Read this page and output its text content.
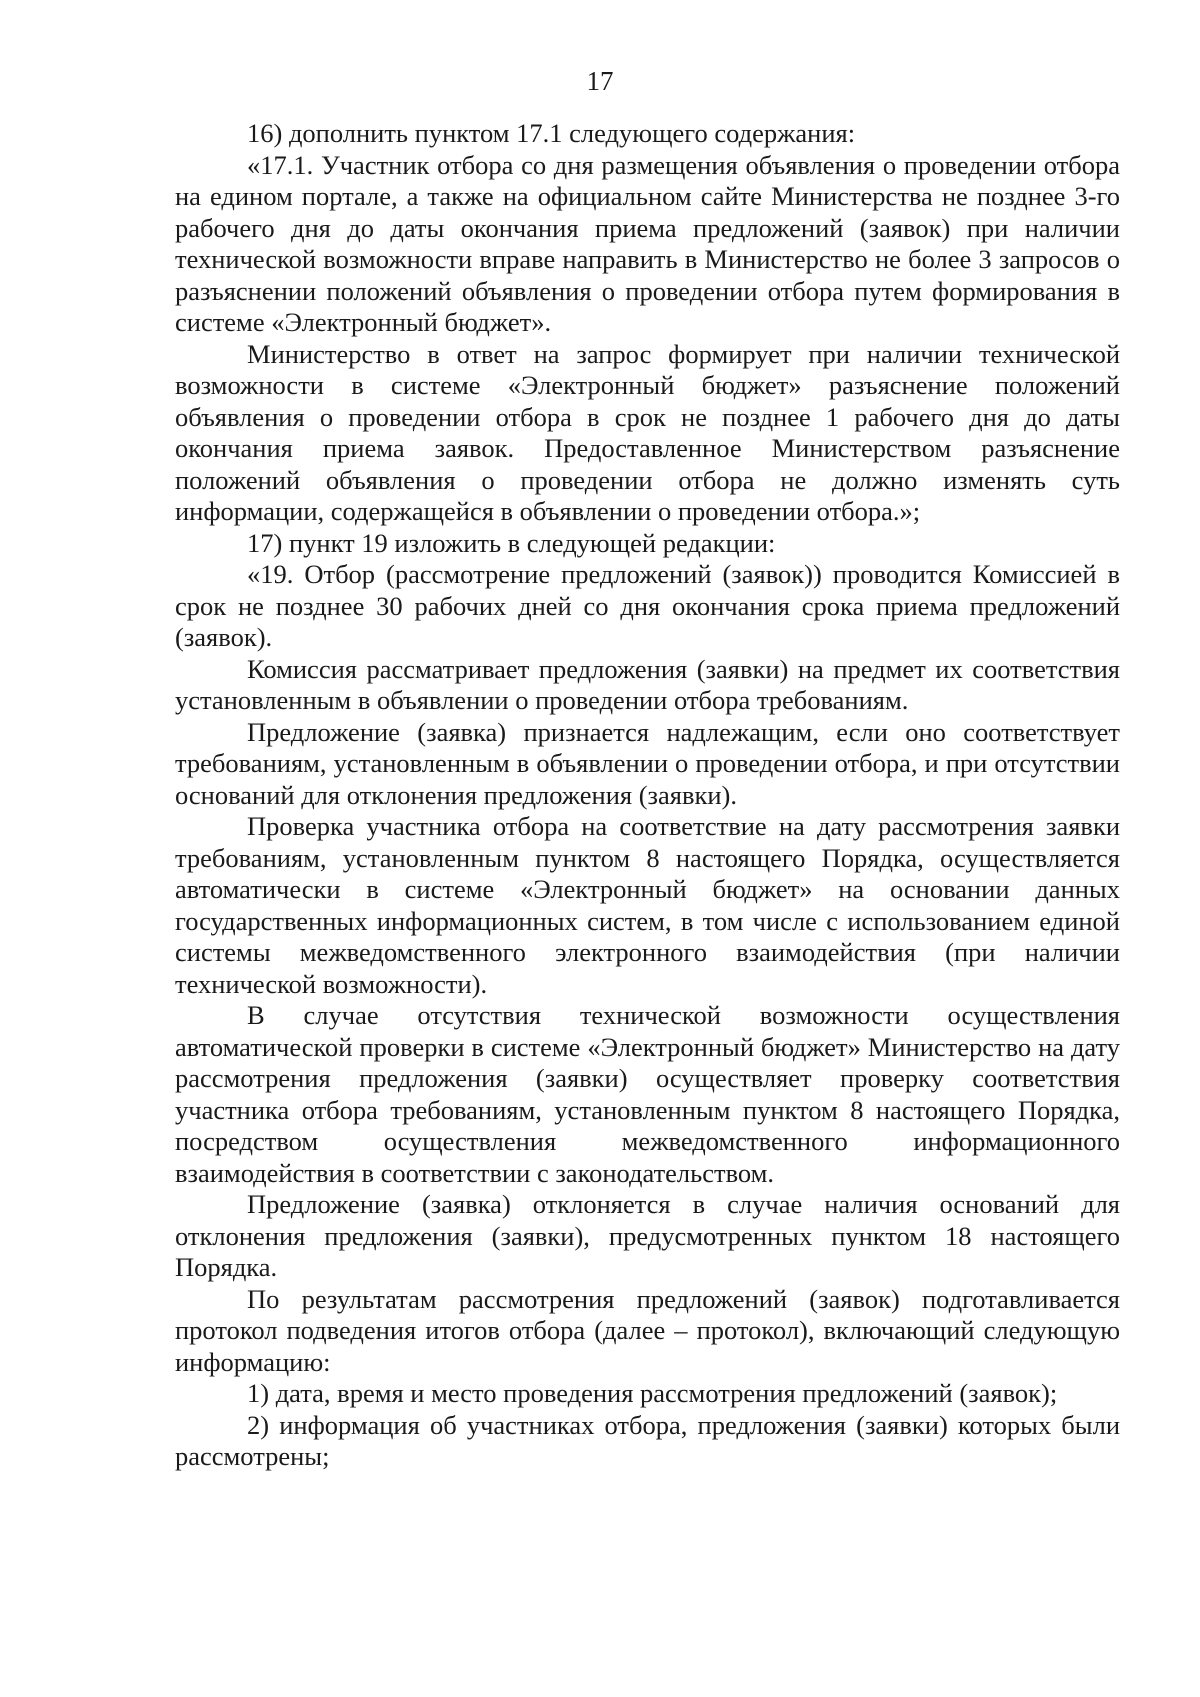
17

16) дополнить пунктом 17.1 следующего содержания:

«17.1. Участник отбора со дня размещения объявления о проведении отбора на едином портале, а также на официальном сайте Министерства не позднее 3-го рабочего дня до даты окончания приема предложений (заявок) при наличии технической возможности вправе направить в Министерство не более 3 запросов о разъяснении положений объявления о проведении отбора путем формирования в системе «Электронный бюджет».

Министерство в ответ на запрос формирует при наличии технической возможности в системе «Электронный бюджет» разъяснение положений объявления о проведении отбора в срок не позднее 1 рабочего дня до даты окончания приема заявок. Предоставленное Министерством разъяснение положений объявления о проведении отбора не должно изменять суть информации, содержащейся в объявлении о проведении отбора.»;

17) пункт 19 изложить в следующей редакции:

«19. Отбор (рассмотрение предложений (заявок)) проводится Комиссией в срок не позднее 30 рабочих дней со дня окончания срока приема предложений (заявок).

Комиссия рассматривает предложения (заявки) на предмет их соответствия установленным в объявлении о проведении отбора требованиям.

Предложение (заявка) признается надлежащим, если оно соответствует требованиям, установленным в объявлении о проведении отбора, и при отсутствии оснований для отклонения предложения (заявки).

Проверка участника отбора на соответствие на дату рассмотрения заявки требованиям, установленным пунктом 8 настоящего Порядка, осуществляется автоматически в системе «Электронный бюджет» на основании данных государственных информационных систем, в том числе с использованием единой системы межведомственного электронного взаимодействия (при наличии технической возможности).

В случае отсутствия технической возможности осуществления автоматической проверки в системе «Электронный бюджет» Министерство на дату рассмотрения предложения (заявки) осуществляет проверку соответствия участника отбора требованиям, установленным пунктом 8 настоящего Порядка, посредством осуществления межведомственного информационного взаимодействия в соответствии с законодательством.

Предложение (заявка) отклоняется в случае наличия оснований для отклонения предложения (заявки), предусмотренных пунктом 18 настоящего Порядка.

По результатам рассмотрения предложений (заявок) подготавливается протокол подведения итогов отбора (далее – протокол), включающий следующую информацию:

1) дата, время и место проведения рассмотрения предложений (заявок);

2) информация об участниках отбора, предложения (заявки) которых были рассмотрены;
